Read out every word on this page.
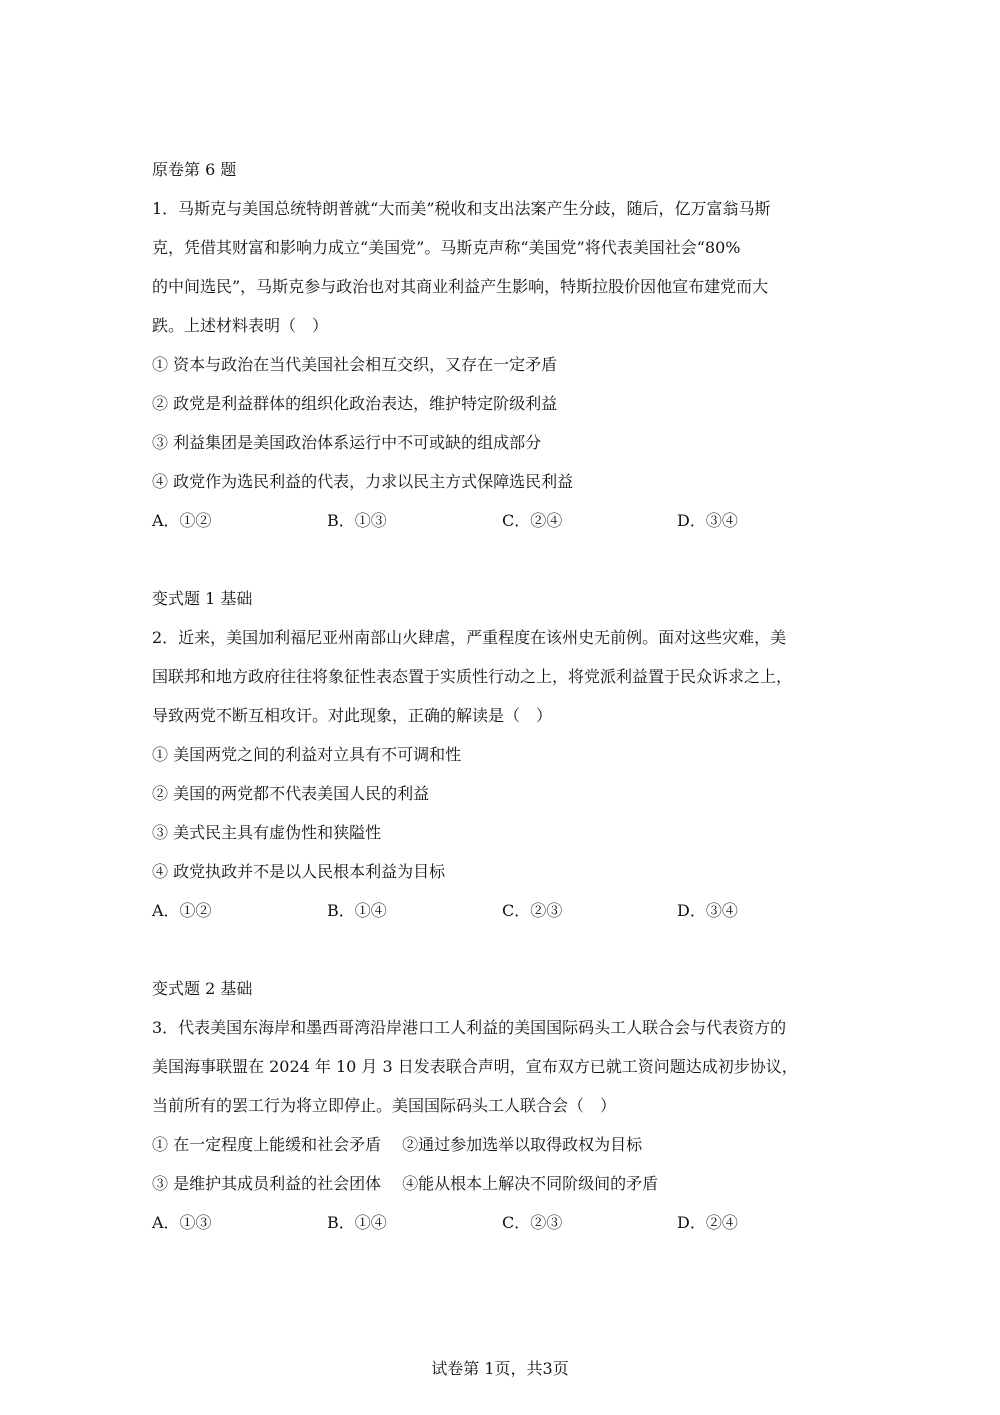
原卷第 6 题
1．马斯克与美国总统特朗普就“大而美”税收和支出法案产生分歧，随后，亿万富翁马斯
克，凭借其财富和影响力成立“美国党”。马斯克声称“美国党”将代表美国社会“80%
的中间选民”，马斯克参与政治也对其商业利益产生影响，特斯拉股价因他宣布建党而大
跌。上述材料表明（　）
① 资本与政治在当代美国社会相互交织，又存在一定矛盾
② 政党是利益群体的组织化政治表达，维护特定阶级利益
③ 利益集团是美国政治体系运行中不可或缺的组成部分
④ 政党作为选民利益的代表，力求以民主方式保障选民利益
A．①②	B．①③	C．②④	D．③④
变式题 1 基础
2．近来，美国加利福尼亚州南部山火肆虐，严重程度在该州史无前例。面对这些灾难，美
国联邦和地方政府往往将象征性表态置于实质性行动之上，将党派利益置于民众诉求之上，
导致两党不断互相攻讦。对此现象，正确的解读是（　）
① 美国两党之间的利益对立具有不可调和性
② 美国的两党都不代表美国人民的利益
③ 美式民主具有虚伪性和狭隘性
④ 政党执政并不是以人民根本利益为目标
A．①②	B．①④	C．②③	D．③④
变式题 2 基础
3．代表美国东海岸和墨西哥湾沿岸港口工人利益的美国国际码头工人联合会与代表资方的
美国海事联盟在 2024 年 10 月 3 日发表联合声明，宣布双方已就工资问题达成初步协议，
当前所有的罢工行为将立即停止。美国国际码头工人联合会（　）
① 在一定程度上能缓和社会矛盾　 ②通过参加选举以取得政权为目标
③ 是维护其成员利益的社会团体　 ④能从根本上解决不同阶级间的矛盾
A．①③	B．①④	C．②③	D．②④
试卷第 1页，共3页
